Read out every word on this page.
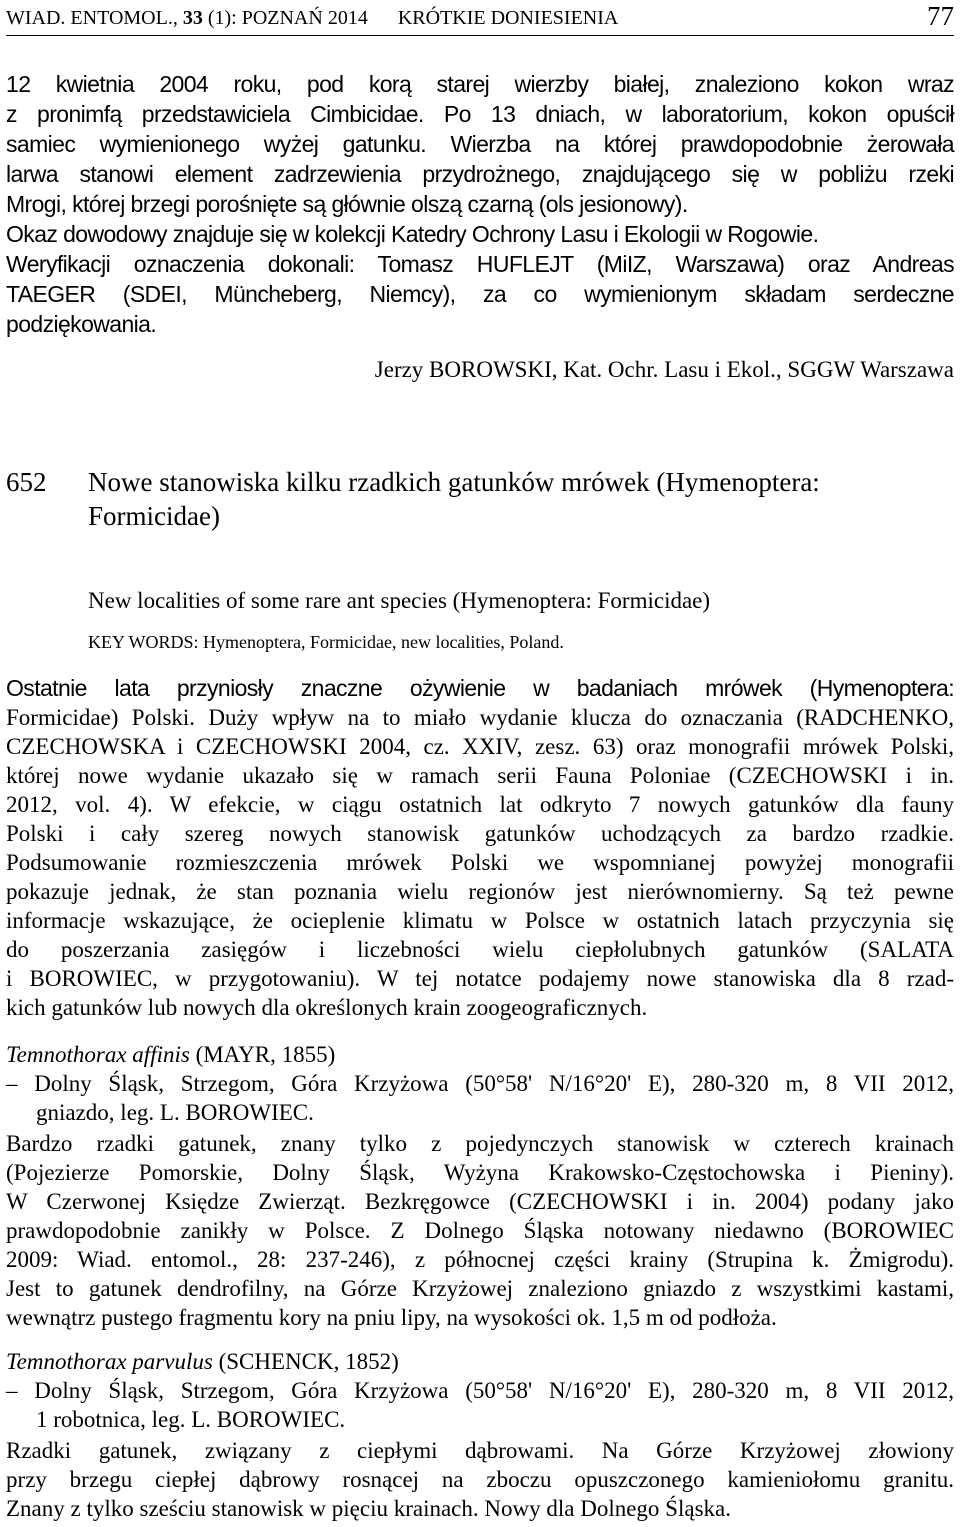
WIAD. ENTOMOL., 33 (1): POZNAŃ 2014 KRÓTKIE DONIESIENIA	77
12 kwietnia 2004 roku, pod korą starej wierzby białej, znaleziono kokon wraz
z pronimfą przedstawiciela Cimbicidae. Po 13 dniach, w laboratorium, kokon opuścił
samiec wymienionego wyżej gatunku. Wierzba na której prawdopodobnie żerowała
larwa stanowi element zadrzewienia przydrożnego, znajdującego się w pobliżu rzeki
Mrogi, której brzegi porośnięte są głównie olszą czarną (ols jesionowy).
Okaz dowodowy znajduje się w kolekcji Katedry Ochrony Lasu i Ekologii w Rogowie.
Weryfikacji oznaczenia dokonali: Tomasz HUFLEJT (MiIZ, Warszawa) oraz Andreas
TAEGER (SDEI, Müncheberg, Niemcy), za co wymienionym składam serdeczne
podziękowania.
Jerzy BOROWSKI, Kat. Ochr. Lasu i Ekol., SGGW Warszawa
652 Nowe stanowiska kilku rzadkich gatunków mrówek (Hymenoptera: Formicidae)
New localities of some rare ant species (Hymenoptera: Formicidae)
KEY WORDS: Hymenoptera, Formicidae, new localities, Poland.
Ostatnie lata przyniosły znaczne ożywienie w badaniach mrówek (Hymenoptera:
Formicidae) Polski. Duży wpływ na to miało wydanie klucza do oznaczania (RADCHENKO,
CZECHOWSKA i CZECHOWSKI 2004, cz. XXIV, zesz. 63) oraz monografii mrówek Polski,
której nowe wydanie ukazało się w ramach serii Fauna Poloniae (CZECHOWSKI i in.
2012, vol. 4). W efekcie, w ciągu ostatnich lat odkryto 7 nowych gatunków dla fauny
Polski i cały szereg nowych stanowisk gatunków uchodzących za bardzo rzadkie.
Podsumowanie rozmieszczenia mrówek Polski we wspomnianej powyżej monografii
pokazuje jednak, że stan poznania wielu regionów jest nierównomierny. Są też pewne
informacje wskazujące, że ocieplenie klimatu w Polsce w ostatnich latach przyczynia się
do poszerzania zasięgów i liczebności wielu ciepłolubnych gatunków (SALATA
i BOROWIEC, w przygotowaniu). W tej notatce podajemy nowe stanowiska dla 8 rzad-
kich gatunków lub nowych dla określonych krain zoogeograficznych.
Temnothorax affinis (MAYR, 1855)
– Dolny Śląsk, Strzegom, Góra Krzyżowa (50°58' N/16°20' E), 280-320 m, 8 VII 2012,
gniazdo, leg. L. BOROWIEC.
Bardzo rzadki gatunek, znany tylko z pojedynczych stanowisk w czterech krainach
(Pojezierze Pomorskie, Dolny Śląsk, Wyżyna Krakowsko-Częstochowska i Pieniny).
W Czerwonej Księdze Zwierząt. Bezkręgowce (CZECHOWSKI i in. 2004) podany jako
prawdopodobnie zanikły w Polsce. Z Dolnego Śląska notowany niedawno (BOROWIEC
2009: Wiad. entomol., 28: 237-246), z północnej części krainy (Strupina k. Żmigrodu).
Jest to gatunek dendrofilny, na Górze Krzyżowej znaleziono gniazdo z wszystkimi kastami,
wewnątrz pustego fragmentu kory na pniu lipy, na wysokości ok. 1,5 m od podłoża.
Temnothorax parvulus (SCHENCK, 1852)
– Dolny Śląsk, Strzegom, Góra Krzyżowa (50°58' N/16°20' E), 280-320 m, 8 VII 2012,
1 robotnica, leg. L. BOROWIEC.
Rzadki gatunek, związany z ciepłymi dąbrowami. Na Górze Krzyżowej złowiony
przy brzegu ciepłej dąbrowy rosnącej na zboczu opuszczonego kamieniołomu granitu.
Znany z tylko sześciu stanowisk w pięciu krainach. Nowy dla Dolnego Śląska.
